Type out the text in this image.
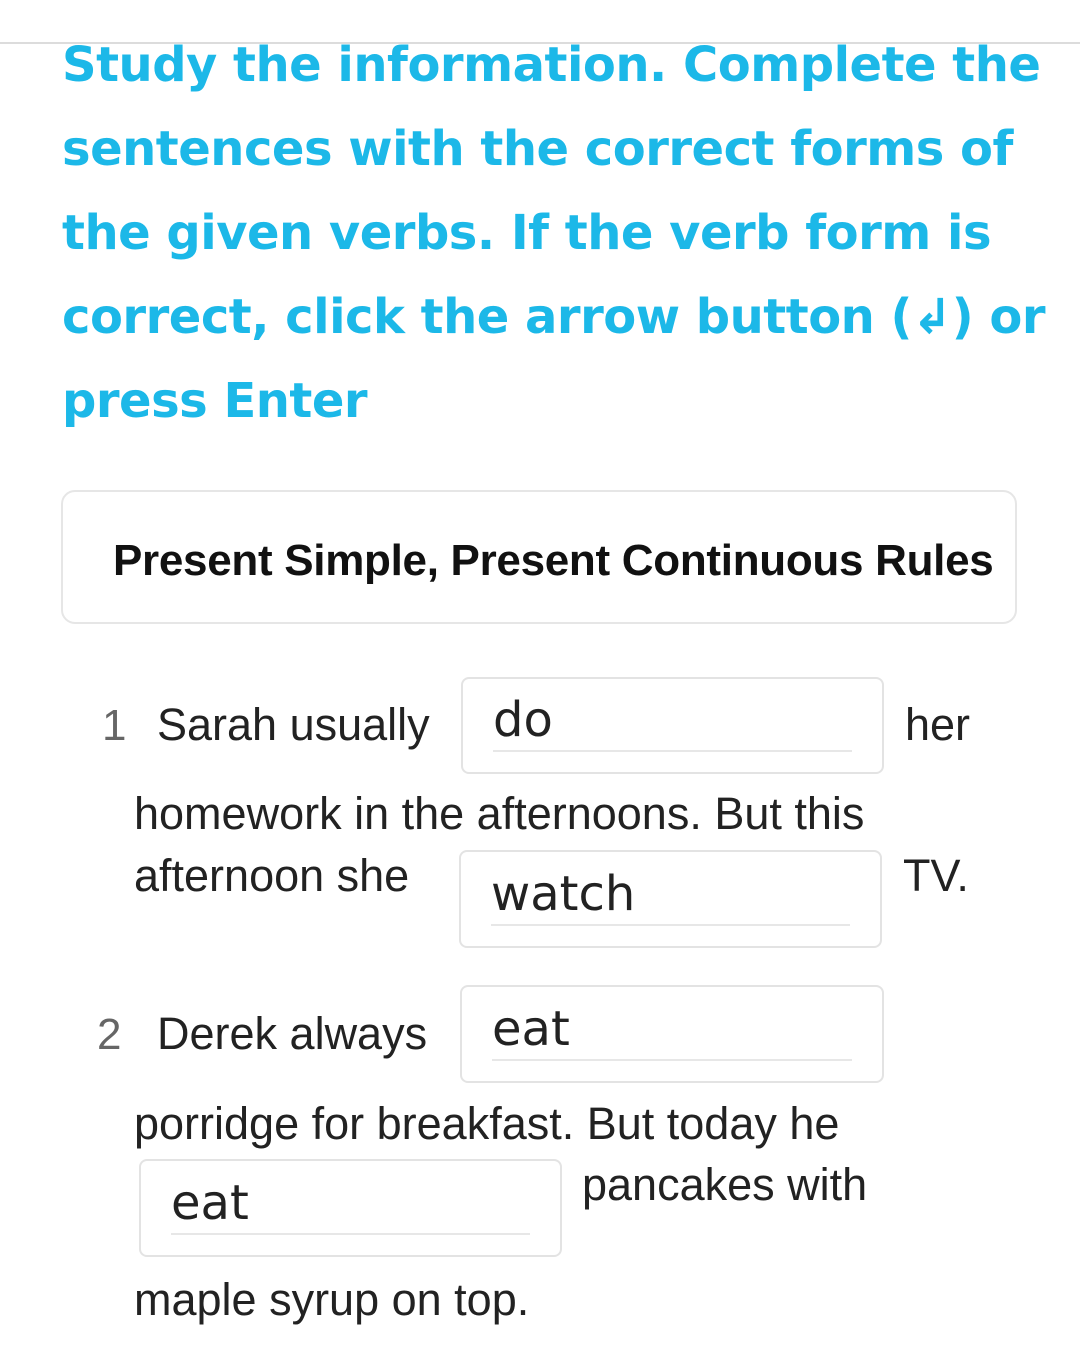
Study the information. Complete the sentences with the correct forms of the given verbs. If the verb form is correct, click the arrow button (↲) or press Enter

Present Simple, Present Continuous Rules
1 Sarah usually
do	her
homework in the afternoons. But this
afternoon she
watch	TV.
2 Derek always
eat
porridge for breakfast. But today he
eat
pancakes with
maple syrup on top.
